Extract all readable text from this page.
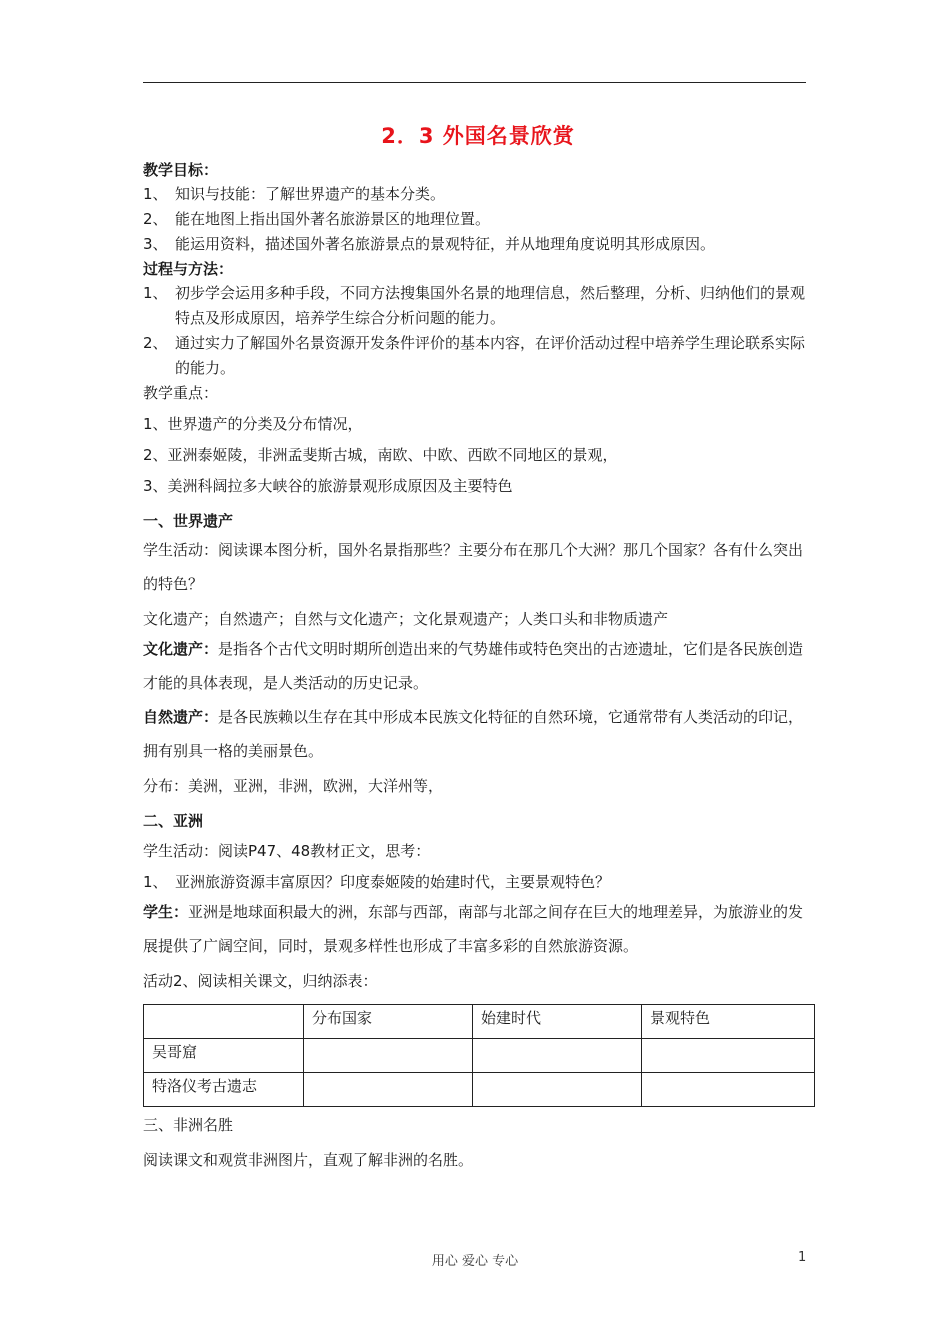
2．3 外国名景欣赏
教学目标：
1、 知识与技能：了解世界遗产的基本分类。
2、 能在地图上指出国外著名旅游景区的地理位置。
3、 能运用资料，描述国外著名旅游景点的景观特征，并从地理角度说明其形成原因。
过程与方法：
1、 初步学会运用多种手段，不同方法搜集国外名景的地理信息，然后整理，分析、归纳他们的景观特点及形成原因，培养学生综合分析问题的能力。
2、 通过实力了解国外名景资源开发条件评价的基本内容，在评价活动过程中培养学生理论联系实际的能力。
教学重点：
1、世界遗产的分类及分布情况，
2、亚洲泰姬陵，非洲孟斐斯古城，南欧、中欧、西欧不同地区的景观，
3、美洲科阔拉多大峡谷的旅游景观形成原因及主要特色
一、世界遗产
学生活动：阅读课本图分析，国外名景指那些？主要分布在那几个大洲？那几个国家？各有什么突出的特色？
文化遗产；自然遗产；自然与文化遗产；文化景观遗产；人类口头和非物质遗产
文化遗产：是指各个古代文明时期所创造出来的气势雄伟或特色突出的古迹遗址，它们是各民族创造才能的具体表现，是人类活动的历史记录。
自然遗产：是各民族赖以生存在其中形成本民族文化特征的自然环境，它通常带有人类活动的印记，拥有别具一格的美丽景色。
分布：美洲，亚洲，非洲，欧洲，大洋州等，
二、亚洲
学生活动：阅读P47、48教材正文，思考：
1、 亚洲旅游资源丰富原因？印度泰姬陵的始建时代，主要景观特色？
学生：亚洲是地球面积最大的洲，东部与西部，南部与北部之间存在巨大的地理差异，为旅游业的发展提供了广阔空间，同时，景观多样性也形成了丰富多彩的自然旅游资源。
活动2、阅读相关课文，归纳添表：
	分布国家	始建时代	景观特色
吴哥窟			
特洛仪考古遗志			
三、非洲名胜
阅读课文和观赏非洲图片，直观了解非洲的名胜。
用心 爱心 专心	1
